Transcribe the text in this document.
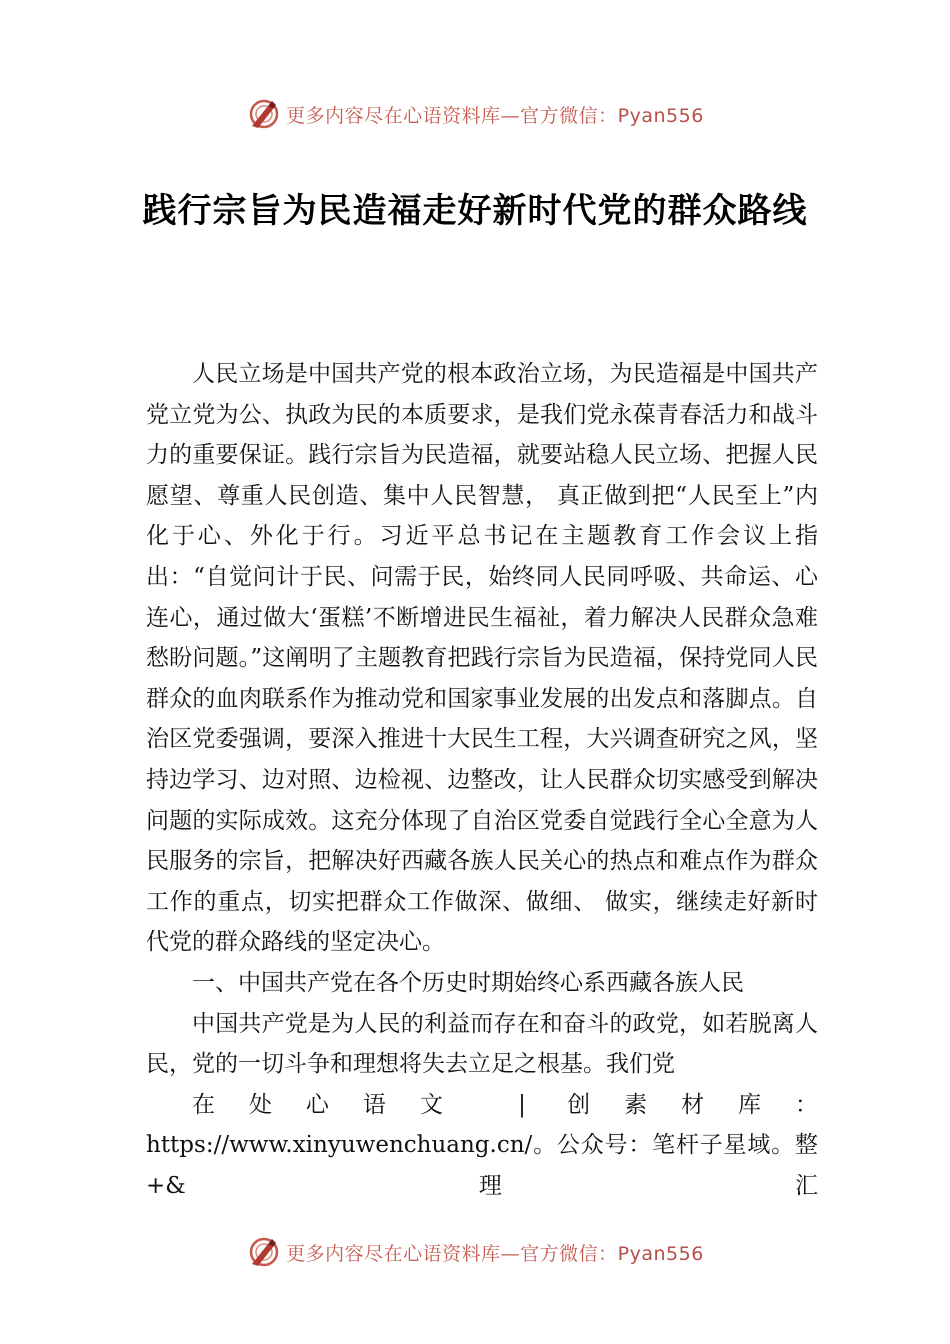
更多内容尽在心语资料库—官方微信：Pyan556
践行宗旨为民造福走好新时代党的群众路线

人民立场是中国共产党的根本政治立场，为民造福是中国共产党立党为公、执政为民的本质要求，是我们党永葆青春活力和战斗力的重要保证。践行宗旨为民造福，就要站稳人民立场、把握人民愿望、尊重人民创造、集中人民智慧， 真正做到把“人民至上”内化于心、外化于行。习近平总书记在主题教育工作会议上指出：“自觉问计于民、问需于民，始终同人民同呼吸、共命运、心连心，通过做大‘蛋糕’不断增进民生福祉，着力解决人民群众急难愁盼问题。”这阐明了主题教育把践行宗旨为民造福，保持党同人民群众的血肉联系作为推动党和国家事业发展的出发点和落脚点。自治区党委强调，要深入推进十大民生工程，大兴调查研究之风，坚持边学习、边对照、边检视、边整改，让人民群众切实感受到解决问题的实际成效。这充分体现了自治区党委自觉践行全心全意为人民服务的宗旨，把解决好西藏各族人民关心的热点和难点作为群众工作的重点，切实把群众工作做深、做细、 做实，继续走好新时代党的群众路线的坚定决心。

一、中国共产党在各个历史时期始终心系西藏各族人民

中国共产党是为人民的利益而存在和奋斗的政党，如若脱离人民，党的一切斗争和理想将失去立足之根基。我们党

在处心语文 | 创素材库：https://www.xinyuwenchuang.cn/。公众号：笔杆子星域。整+&理汇

更多内容尽在心语资料库—官方微信：Pyan556
